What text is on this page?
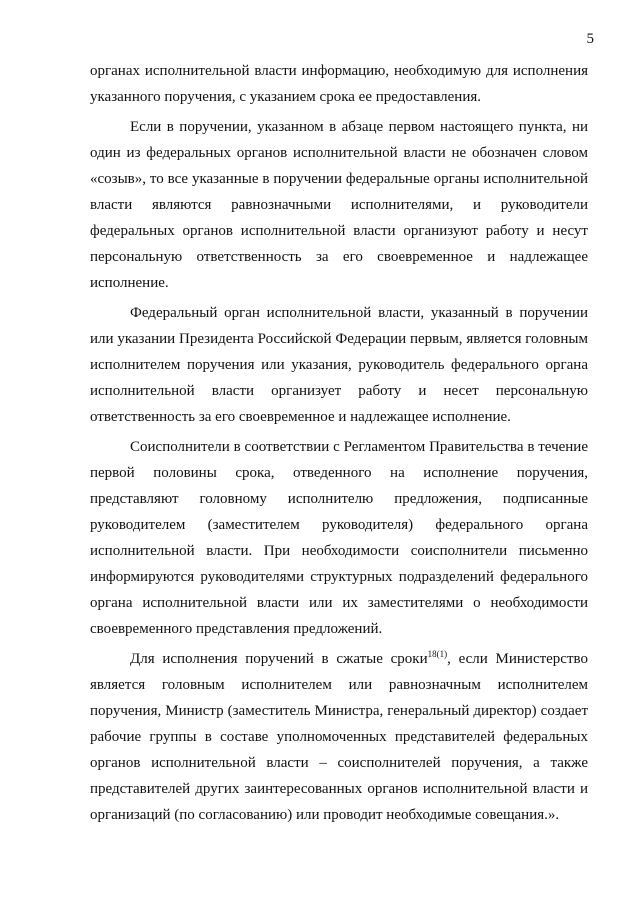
5

органах исполнительной власти информацию, необходимую для исполнения указанного поручения, с указанием срока ее предоставления.

Если в поручении, указанном в абзаце первом настоящего пункта, ни один из федеральных органов исполнительной власти не обозначен словом «созыв», то все указанные в поручении федеральные органы исполнительной власти являются равнозначными исполнителями, и руководители федеральных органов исполнительной власти организуют работу и несут персональную ответственность за его своевременное и надлежащее исполнение.

Федеральный орган исполнительной власти, указанный в поручении или указании Президента Российской Федерации первым, является головным исполнителем поручения или указания, руководитель федерального органа исполнительной власти организует работу и несет персональную ответственность за его своевременное и надлежащее исполнение.

Соисполнители в соответствии с Регламентом Правительства в течение первой половины срока, отведенного на исполнение поручения, представляют головному исполнителю предложения, подписанные руководителем (заместителем руководителя) федерального органа исполнительной власти. При необходимости соисполнители письменно информируются руководителями структурных подразделений федерального органа исполнительной власти или их заместителями о необходимости своевременного представления предложений.

Для исполнения поручений в сжатые сроки$^{18(1)}$, если Министерство является головным исполнителем или равнозначным исполнителем поручения, Министр (заместитель Министра, генеральный директор) создает рабочие группы в составе уполномоченных представителей федеральных органов исполнительной власти – соисполнителей поручения, а также представителей других заинтересованных органов исполнительной власти и организаций (по согласованию) или проводит необходимые совещания.».
